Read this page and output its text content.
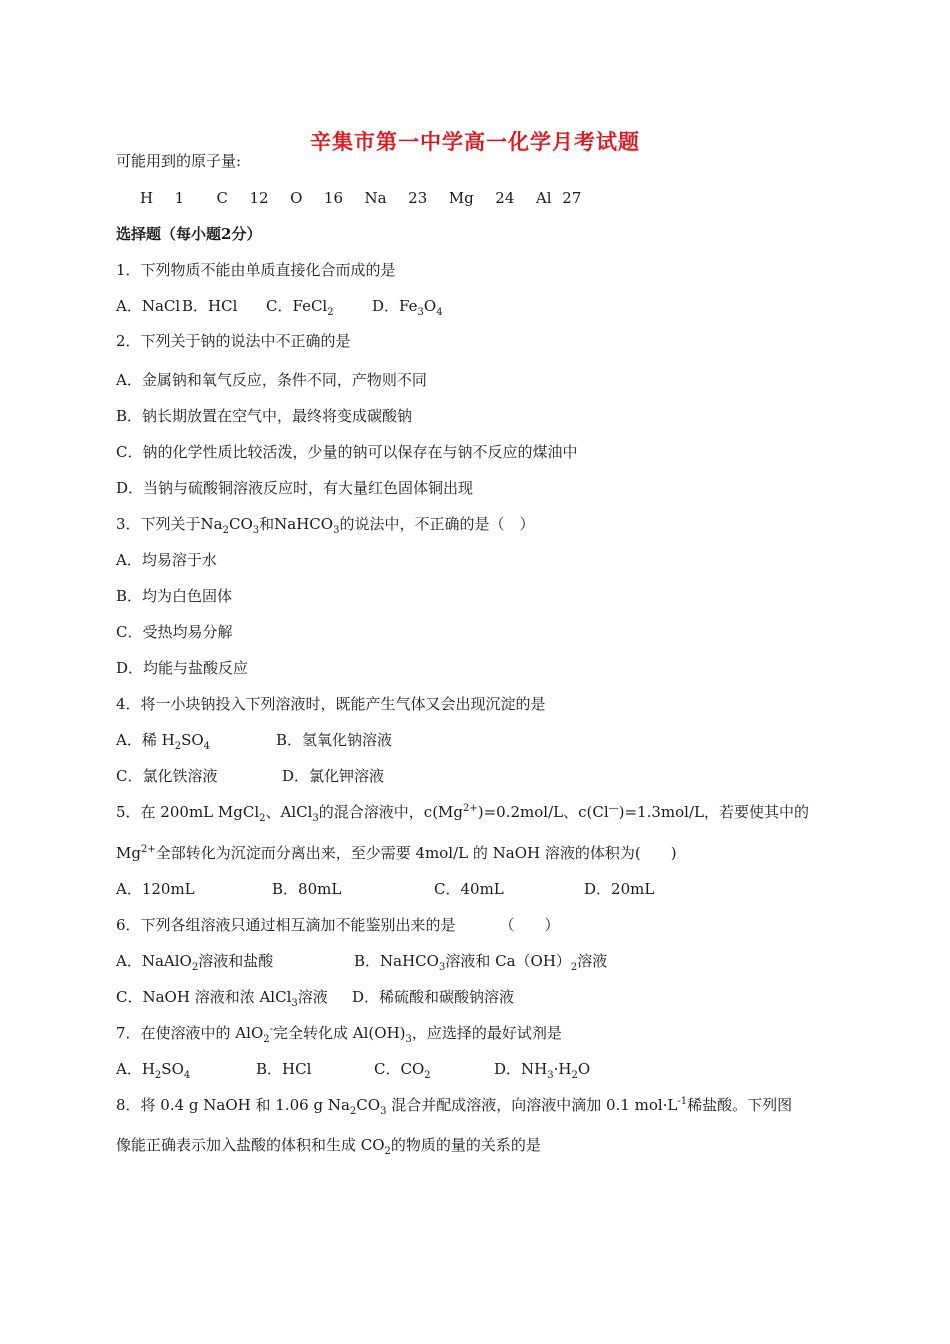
辛集市第一中学高一化学月考试题
可能用到的原子量:
H  1   C  12  O  16  Na  23  Mg  24  Al 27
选择题（每小题2分）
1．下列物质不能由单质直接化合而成的是
A．NaCl B．HCl C．FeCl$_2$	D．$Fe_3O_4$
2．下列关于钠的说法中不正确的是
A．金属钠和氧气反应，条件不同，产物则不同
B．钠长期放置在空气中，最终将变成碳酸钠
C．钠的化学性质比较活泼，少量的钠可以保存在与钠不反应的煤油中
D．当钠与硫酸铜溶液反应时，有大量红色固体铜出现
3．下列关于$Na_2CO_3$和NaHCO$_3$的说法中，不正确的是（　）
A．均易溶于水
B．均为白色固体
C．受热均易分解
D．均能与盐酸反应
4．将一小块钠投入下列溶液时，既能产生气体又会出现沉淀的是
A．稀 $H_2SO_4$	B．氢氧化钠溶液
C．氯化铁溶液	D．氯化钾溶液
5．在 200mL MgCl$_2$、AlCl$_3$的混合溶液中，$c(Mg^{2+})=0.2mol/L$、c(Cl—)=1.3mol/L，若要使其中的
$Mg^{2+}$全部转化为沉淀而分离出来，至少需要 4mol/L 的 NaOH 溶液的体积为(　　)
A．120mL	B．80mL	C．40mL	D．20mL
6．下列各组溶液只通过相互滴加不能鉴别出来的是	（　　）
A．NaAlO$_2$溶液和盐酸	B．NaHCO$_3$溶液和 $Ca(OH)_2$溶液
C．NaOH 溶液和浓 AlCl$_3$溶液 D．稀硫酸和碳酸钠溶液
7．在使溶液中的 AlO$_2$-完全转化成 $Al(OH)_3$，应选择的最好试剂是
A．$H_2SO_4$	B．HCl	C．$CO_2$	D．$NH_3\cdot H_2O$
8．将 0.4 g NaOH 和 1.06 g $Na_2CO_3$ 混合并配成溶液，向溶液中滴加 0.1 $mol\cdot L^{-1}$稀盐酸。下列图
像能正确表示加入盐酸的体积和生成 $CO_2$的物质的量的关系的是
